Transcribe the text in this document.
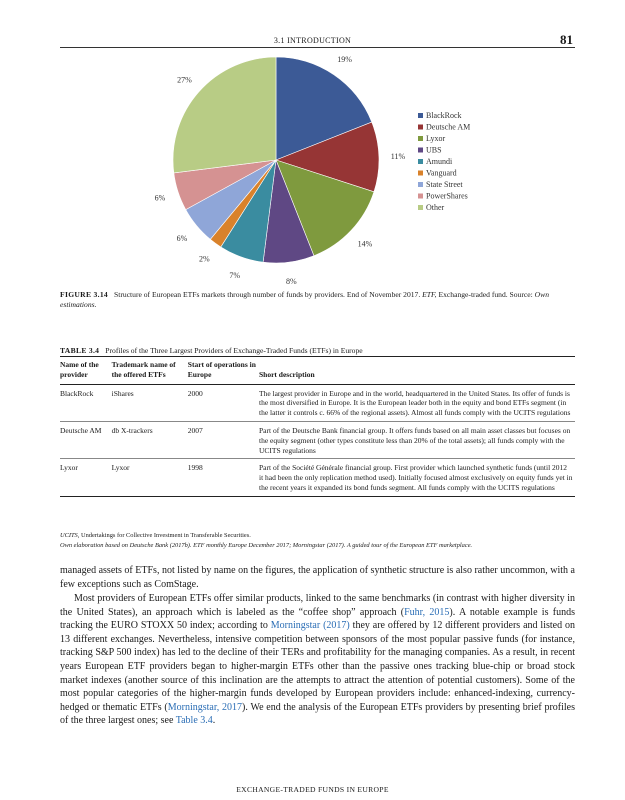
3.1 INTRODUCTION	81
19%
11%
14%
8%
7%
2%
6%
6%
27%
BlackRock
Deutsche AM
Lyxor
UBS
Amundi
Vanguard
State Street
PowerShares
Other
FIGURE 3.14 Structure of European ETFs markets through number of funds by providers. End of November 2017. ETF, Exchange-traded fund. Source: Own estimations.
TABLE 3.4 Profiles of the Three Largest Providers of Exchange-Traded Funds (ETFs) in Europe
Name of the provider	Trademark name of the offered ETFs	Start of operations in Europe	Short description
BlackRock	iShares	2000	The largest provider in Europe and in the world, headquartered in the United States. Its offer of funds is the most diversified in Europe. It is the European leader both in the equity and bond ETFs segment (in the latter it controls c. 66% of the regional assets). Almost all funds comply with the UCITS regulations
Deutsche AM	db X-trackers	2007	Part of the Deutsche Bank financial group. It offers funds based on all main asset classes but focuses on the equity segment (other types constitute less than 20% of the total assets); all funds comply with the UCITS regulations
Lyxor	Lyxor	1998	Part of the Société Générale financial group. First provider which launched synthetic funds (until 2012 it had been the only replication method used). Initially focused almost exclusively on equity funds yet in the recent years it expanded its bond funds segment. All funds comply with the UCITS regulations
UCITS, Undertakings for Collective Investment in Transferable Securities.
Own elaboration based on Deutsche Bank (2017b). ETF monthly Europe December 2017; Morningstar (2017). A guided tour of the European ETF marketplace.
managed assets of ETFs, not listed by name on the figures, the application of synthetic structure is also rather uncommon, with a few exceptions such as ComStage.
Most providers of European ETFs offer similar products, linked to the same benchmarks (in contrast with higher diversity in the United States), an approach which is labeled as the “coffee shop” approach (Fuhr, 2015). A notable example is funds tracking the EURO STOXX 50 index; according to Morningstar (2017) they are offered by 12 different providers and listed on 13 different exchanges. Nevertheless, intensive competition between sponsors of the most popular passive funds (for instance, tracking S&P 500 index) has led to the decline of their TERs and profitability for the managing companies. As a result, in recent years European ETF providers began to higher-margin ETFs other than the passive ones tracking blue-chip or broad stock market indexes (another source of this inclination are the attempts to attract the attention of potential customers). Some of the most popular categories of the higher-margin funds developed by European providers include: enhanced-indexing, currency-hedged or thematic ETFs (Morningstar, 2017). We end the analysis of the European ETFs providers by presenting brief profiles of the three largest ones; see Table 3.4.
EXCHANGE-TRADED FUNDS IN EUROPE
